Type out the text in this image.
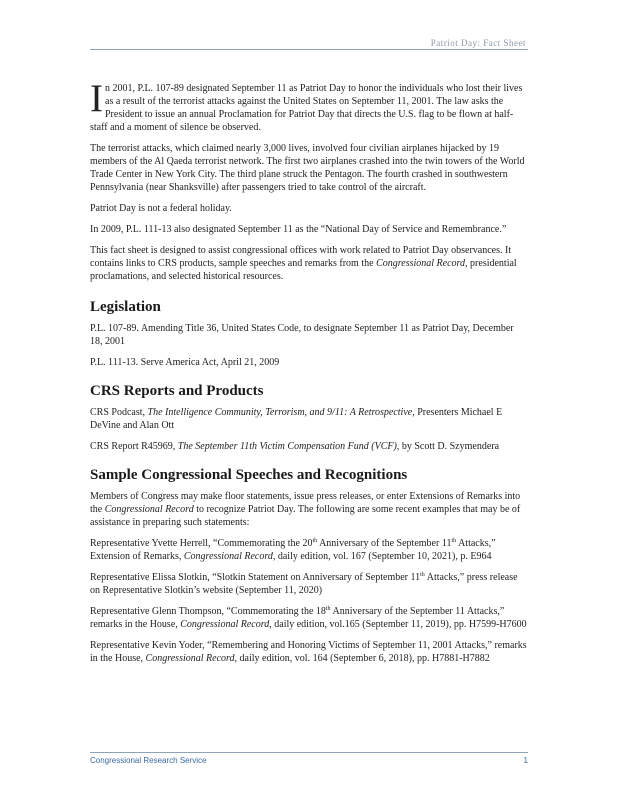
Patriot Day: Fact Sheet

In 2001, P.L. 107-89 designated September 11 as Patriot Day to honor the individuals who lost their lives as a result of the terrorist attacks against the United States on September 11, 2001. The law asks the President to issue an annual Proclamation for Patriot Day that directs the U.S. flag to be flown at half-staff and a moment of silence be observed.

The terrorist attacks, which claimed nearly 3,000 lives, involved four civilian airplanes hijacked by 19 members of the Al Qaeda terrorist network. The first two airplanes crashed into the twin towers of the World Trade Center in New York City. The third plane struck the Pentagon. The fourth crashed in southwestern Pennsylvania (near Shanksville) after passengers tried to take control of the aircraft.

Patriot Day is not a federal holiday.

In 2009, P.L. 111-13 also designated September 11 as the “National Day of Service and Remembrance.”

This fact sheet is designed to assist congressional offices with work related to Patriot Day observances. It contains links to CRS products, sample speeches and remarks from the Congressional Record, presidential proclamations, and selected historical resources.

Legislation

P.L. 107-89. Amending Title 36, United States Code, to designate September 11 as Patriot Day, December 18, 2001

P.L. 111-13. Serve America Act, April 21, 2009

CRS Reports and Products

CRS Podcast, The Intelligence Community, Terrorism, and 9/11: A Retrospective, Presenters Michael E DeVine and Alan Ott

CRS Report R45969, The September 11th Victim Compensation Fund (VCF), by Scott D. Szymendera

Sample Congressional Speeches and Recognitions

Members of Congress may make floor statements, issue press releases, or enter Extensions of Remarks into the Congressional Record to recognize Patriot Day. The following are some recent examples that may be of assistance in preparing such statements:

Representative Yvette Herrell, “Commemorating the 20th Anniversary of the September 11th Attacks,” Extension of Remarks, Congressional Record, daily edition, vol. 167 (September 10, 2021), p. E964

Representative Elissa Slotkin, “Slotkin Statement on Anniversary of September 11th Attacks,” press release on Representative Slotkin’s website (September 11, 2020)

Representative Glenn Thompson, “Commemorating the 18th Anniversary of the September 11 Attacks,” remarks in the House, Congressional Record, daily edition, vol.165 (September 11, 2019), pp. H7599-H7600

Representative Kevin Yoder, “Remembering and Honoring Victims of September 11, 2001 Attacks,” remarks in the House, Congressional Record, daily edition, vol. 164 (September 6, 2018), pp. H7881-H7882

Congressional Research Service	1
